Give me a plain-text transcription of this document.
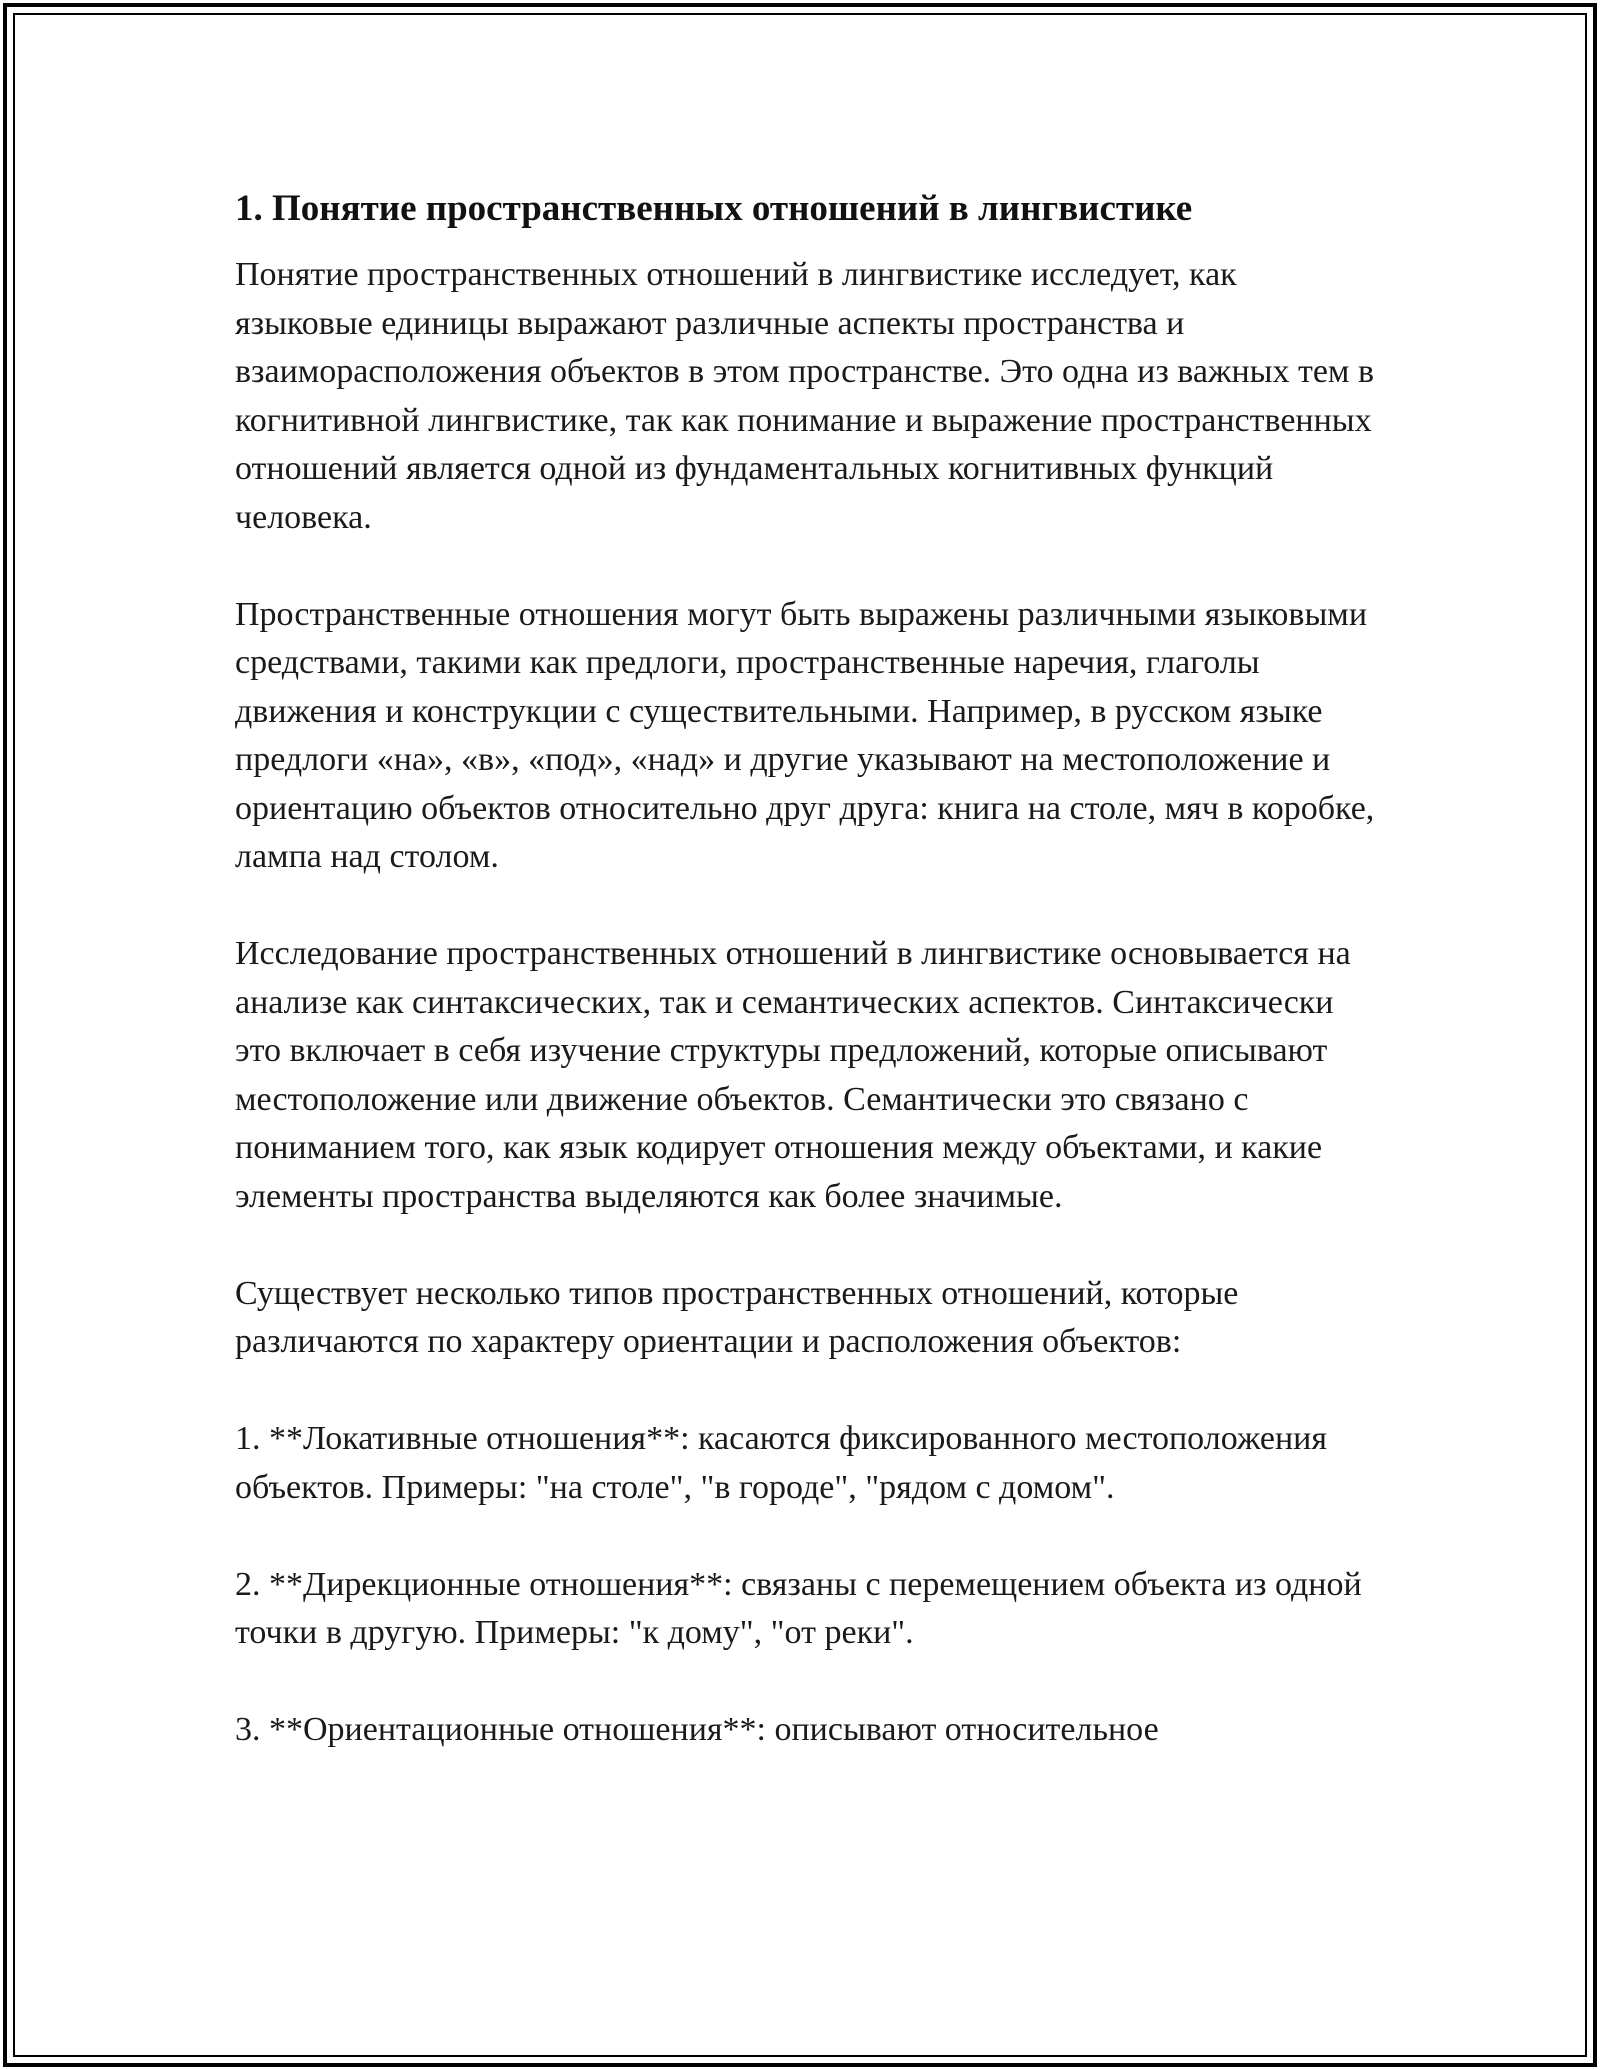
1. Понятие пространственных отношений в лингвистике

Понятие пространственных отношений в лингвистике исследует, как языковые единицы выражают различные аспекты пространства и взаиморасположения объектов в этом пространстве. Это одна из важных тем в когнитивной лингвистике, так как понимание и выражение пространственных отношений является одной из фундаментальных когнитивных функций человека.

Пространственные отношения могут быть выражены различными языковыми средствами, такими как предлоги, пространственные наречия, глаголы движения и конструкции с существительными. Например, в русском языке предлоги «на», «в», «под», «над» и другие указывают на местоположение и ориентацию объектов относительно друг друга: книга на столе, мяч в коробке, лампа над столом.

Исследование пространственных отношений в лингвистике основывается на анализе как синтаксических, так и семантических аспектов. Синтаксически это включает в себя изучение структуры предложений, которые описывают местоположение или движение объектов. Семантически это связано с пониманием того, как язык кодирует отношения между объектами, и какие элементы пространства выделяются как более значимые.

Существует несколько типов пространственных отношений, которые различаются по характеру ориентации и расположения объектов:

1. **Локативные отношения**: касаются фиксированного местоположения объектов. Примеры: "на столе", "в городе", "рядом с домом".

2. **Дирекционные отношения**: связаны с перемещением объекта из одной точки в другую. Примеры: "к дому", "от реки".

3. **Ориентационные отношения**: описывают относительное
